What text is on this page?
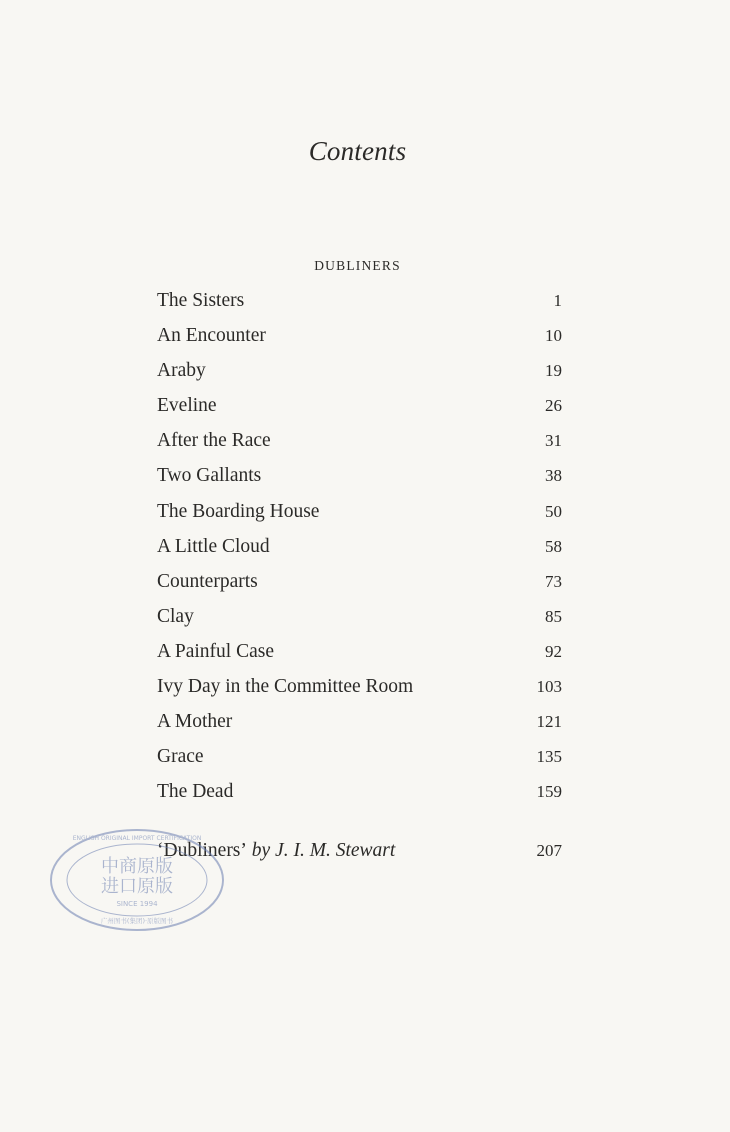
Contents
DUBLINERS
The Sisters	1
An Encounter	10
Araby	19
Eveline	26
After the Race	31
Two Gallants	38
The Boarding House	50
A Little Cloud	58
Counterparts	73
Clay	85
A Painful Case	92
Ivy Day in the Committee Room	103
A Mother	121
Grace	135
The Dead	159
‘Dubliners’ by J. I. M. Stewart	207
ENGLISH ORIGINAL IMPORT CERTIFICATION
中商原版
进口原版
SINCE 1994
广州图书(集团)·原版图书
